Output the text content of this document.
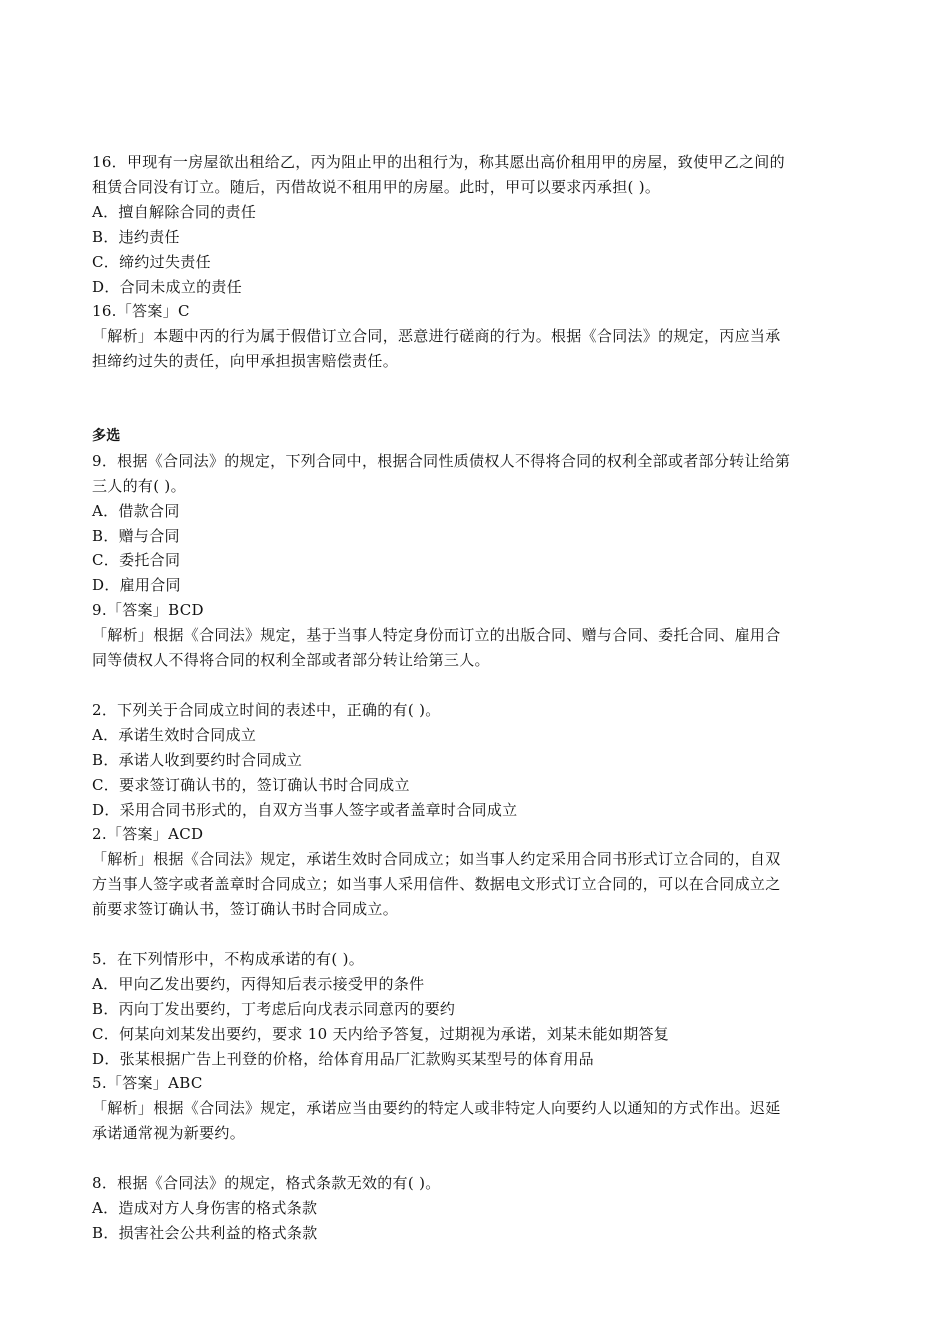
16．甲现有一房屋欲出租给乙，丙为阻止甲的出租行为，称其愿出高价租用甲的房屋，致使甲乙之间的
租赁合同没有订立。随后，丙借故说不租用甲的房屋。此时，甲可以要求丙承担( )。
A．擅自解除合同的责任
B．违约责任
C．缔约过失责任
D．合同未成立的责任
16.「答案」C
「解析」本题中丙的行为属于假借订立合同，恶意进行磋商的行为。根据《合同法》的规定，丙应当承
担缔约过失的责任，向甲承担损害赔偿责任。
多选
9．根据《合同法》的规定，下列合同中，根据合同性质债权人不得将合同的权利全部或者部分转让给第
三人的有( )。
A．借款合同
B．赠与合同
C．委托合同
D．雇用合同
9.「答案」BCD
「解析」根据《合同法》规定，基于当事人特定身份而订立的出版合同、赠与合同、委托合同、雇用合
同等债权人不得将合同的权利全部或者部分转让给第三人。
2．下列关于合同成立时间的表述中，正确的有( )。
A．承诺生效时合同成立
B．承诺人收到要约时合同成立
C．要求签订确认书的，签订确认书时合同成立
D．采用合同书形式的，自双方当事人签字或者盖章时合同成立
2.「答案」ACD
「解析」根据《合同法》规定，承诺生效时合同成立；如当事人约定采用合同书形式订立合同的，自双
方当事人签字或者盖章时合同成立；如当事人采用信件、数据电文形式订立合同的，可以在合同成立之
前要求签订确认书，签订确认书时合同成立。
5．在下列情形中，不构成承诺的有( )。
A．甲向乙发出要约，丙得知后表示接受甲的条件
B．丙向丁发出要约，丁考虑后向戊表示同意丙的要约
C．何某向刘某发出要约，要求 10 天内给予答复，过期视为承诺，刘某未能如期答复
D．张某根据广告上刊登的价格，给体育用品厂汇款购买某型号的体育用品
5.「答案」ABC
「解析」根据《合同法》规定，承诺应当由要约的特定人或非特定人向要约人以通知的方式作出。迟延
承诺通常视为新要约。
8．根据《合同法》的规定，格式条款无效的有( )。
A．造成对方人身伤害的格式条款
B．损害社会公共利益的格式条款
